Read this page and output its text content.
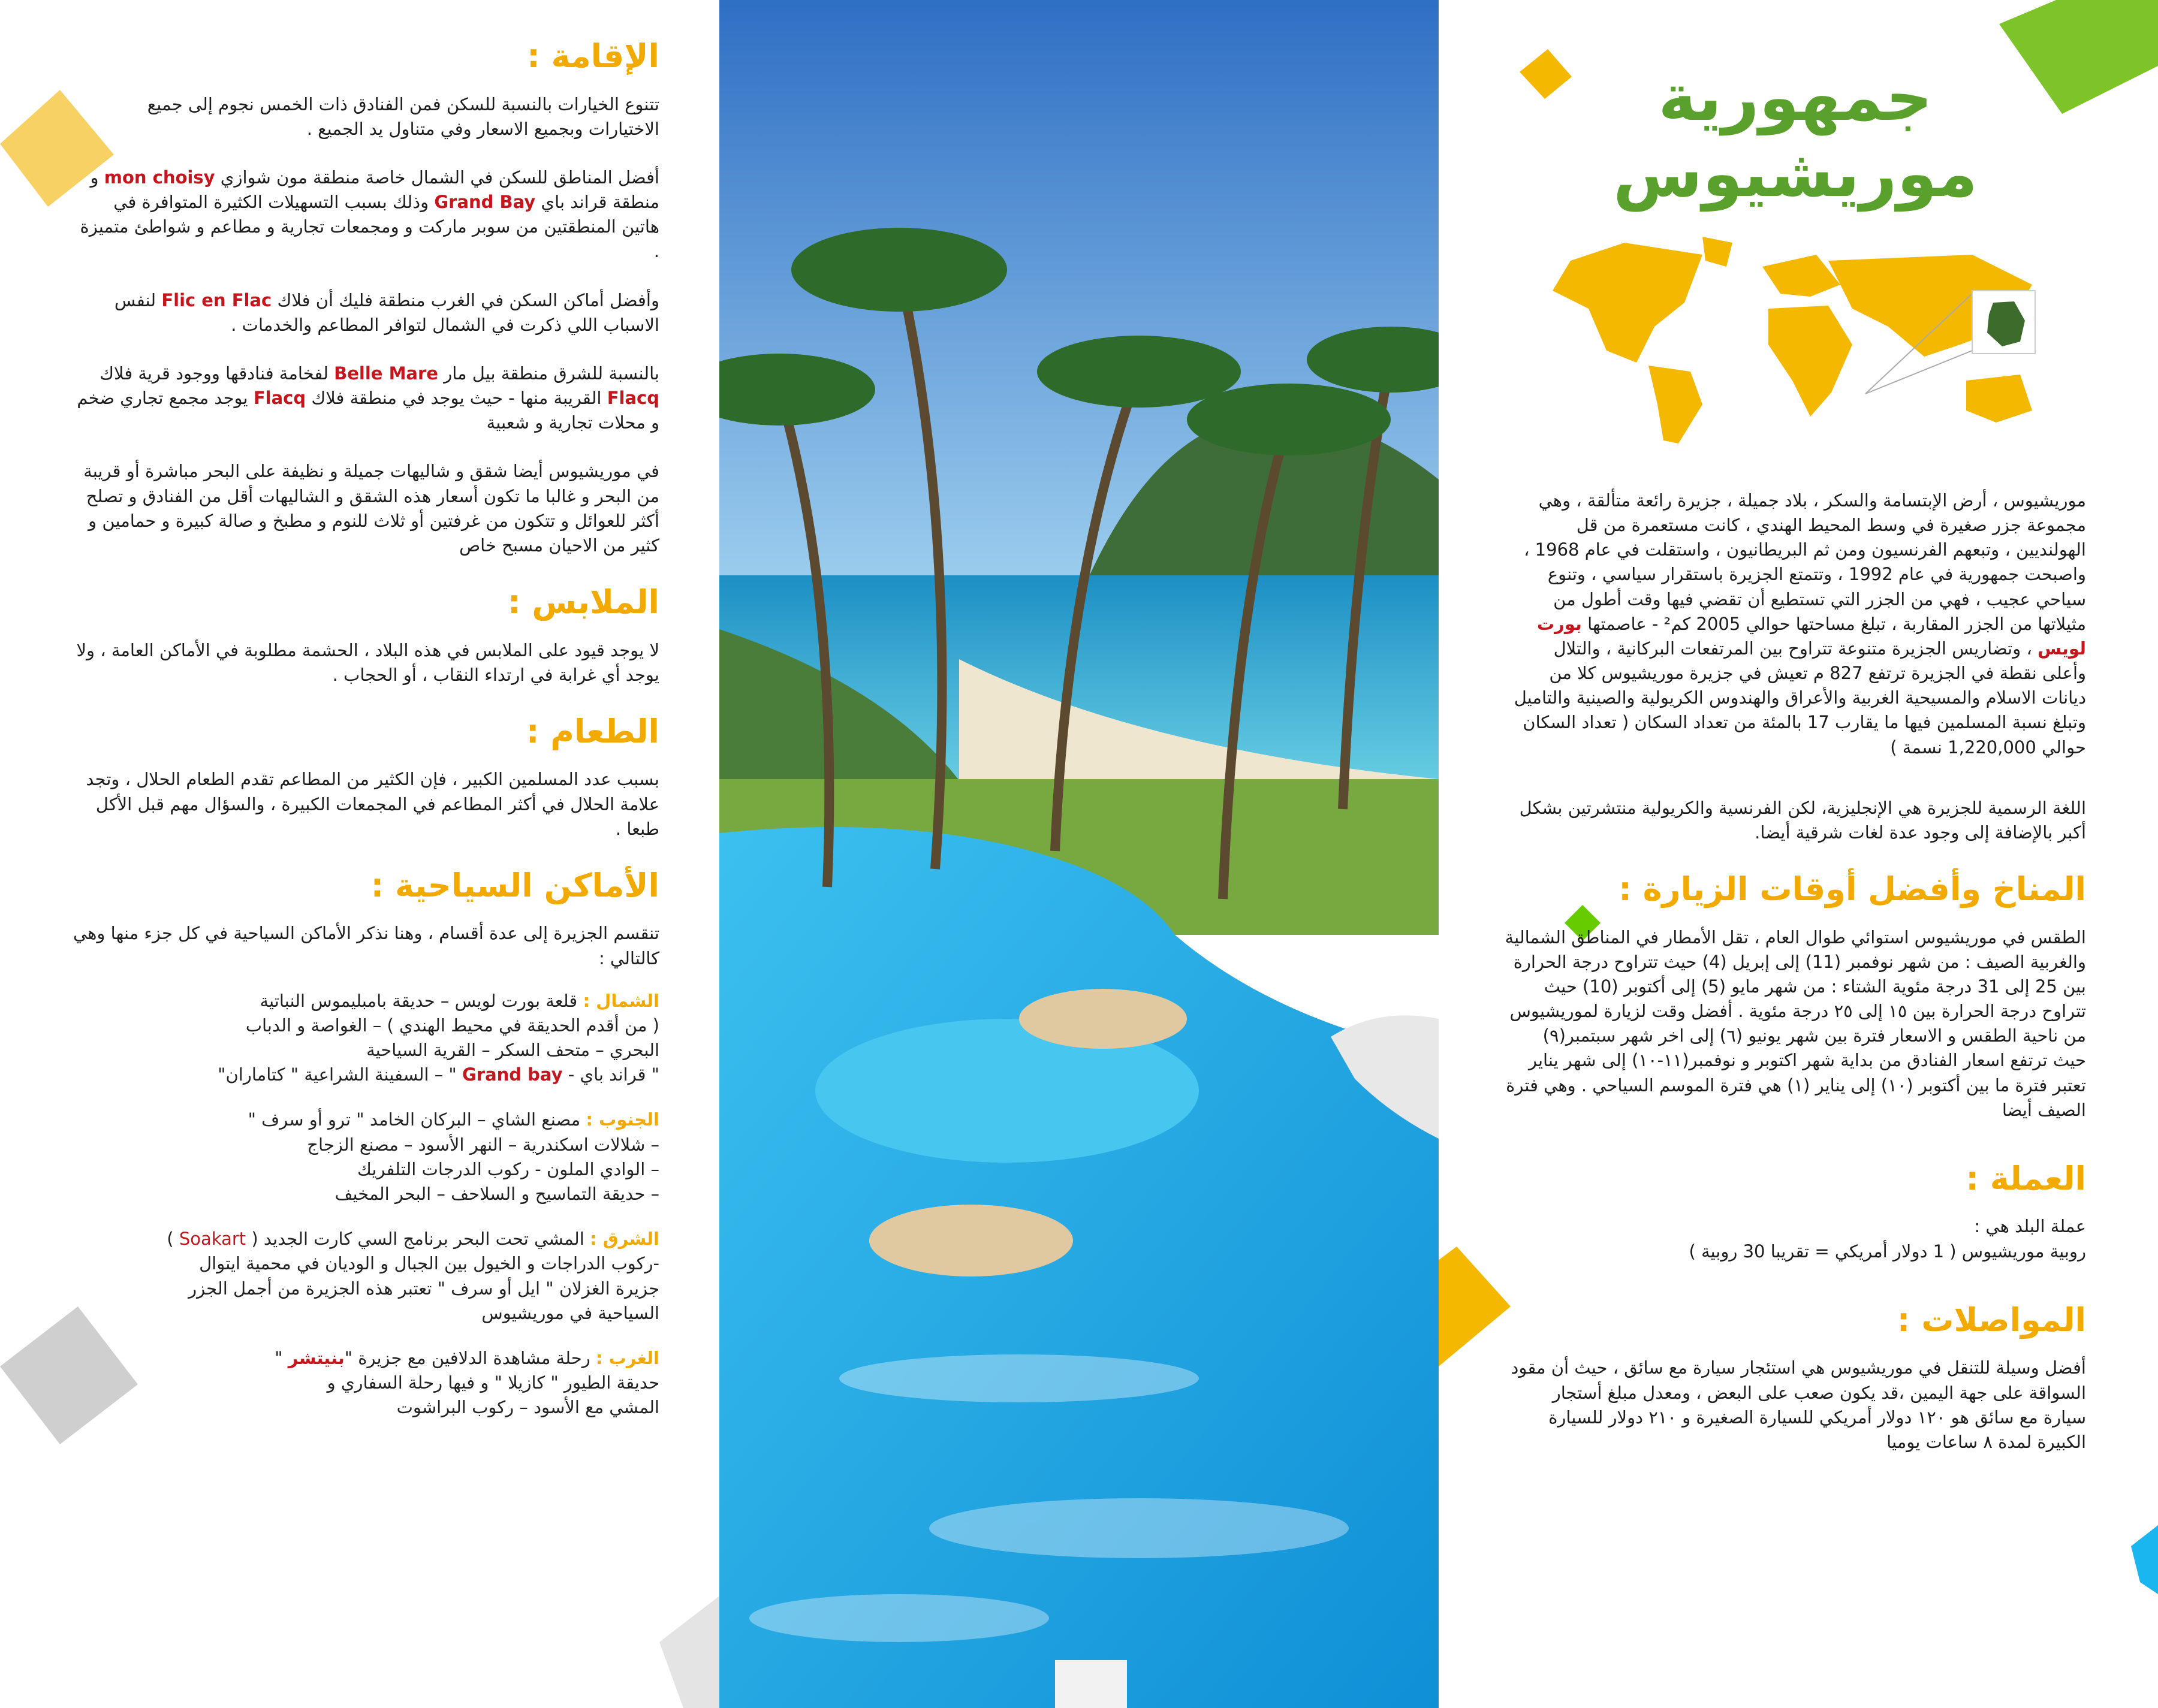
جمهورية
موريشيوس

موريشيوس ، أرض الإبتسامة والسكر ، بلاد جميلة ، جزيرة رائعة متألقة ، وهي مجموعة جزر صغيرة في وسط المحيط الهندي ، كانت مستعمرة من قل الهولنديين ، وتبعهم الفرنسيون ومن ثم البريطانيون ، واستقلت في عام 1968 ، واصبحت جمهورية في عام 1992 ، وتتمتع الجزيرة باستقرار سياسي ، وتنوع سياحي عجيب ، فهي من الجزر التي تستطيع أن تقضي فيها وقت أطول من مثيلاتها من الجزر المقاربة ، تبلغ مساحتها حوالي 2005 كم² - عاصمتها بورت لويس ، وتضاريس الجزيرة متنوعة تتراوح بين المرتفعات البركانية ، والتلال وأعلى نقطة في الجزيرة ترتفع 827 م تعيش في جزيرة موريشيوس كلا من ديانات الاسلام والمسيحية الغربية والأعراق والهندوس الكريولية والصينية والتاميل وتبلغ نسبة المسلمين فيها ما يقارب 17 بالمئة من تعداد السكان ( تعداد السكان حوالي 1,220,000 نسمة )

اللغة الرسمية للجزيرة هي الإنجليزية، لكن الفرنسية والكريولية منتشرتين بشكل أكبر بالإضافة إلى وجود عدة لغات شرقية أيضا.

المناخ وأفضل أوقات الزيارة :

الطقس في موريشيوس استوائي طوال العام ، تقل الأمطار في المناطق الشمالية والغربية الصيف : من شهر نوفمبر (11) إلى إبريل (4) حيث تتراوح درجة الحرارة بين 25 إلى 31 درجة مئوية الشتاء : من شهر مايو (5) إلى أكتوبر (10) حيث تتراوح درجة الحرارة بين ١٥ إلى ٢٥ درجة مئوية . أفضل وقت لزيارة لموريشيوس من ناحية الطقس و الاسعار فترة بين شهر يونيو (٦) إلى اخر شهر سبتمبر(٩) حيث ترتفع اسعار الفنادق من بداية شهر اكتوبر و نوفمبر(١١-١٠) إلى شهر يناير تعتبر فترة ما بين أكتوبر (١٠) إلى يناير (١) هي فترة الموسم السياحي . وهي فترة الصيف أيضا

العملة :
عملة البلد هي :
روبية موريشيوس ( 1 دولار أمريكي = تقريبا 30 روبية )
المواصلات :

أفضل وسيلة للتنقل في موريشيوس هي استئجار سيارة مع سائق ، حيث أن مقود السواقة على جهة اليمين ،قد يكون صعب على البعض ، ومعدل مبلغ أستجار سيارة مع سائق هو ١٢٠ دولار أمريكي للسيارة الصغيرة و ٢١٠ دولار للسيارة الكبيرة لمدة ٨ ساعات يوميا

الإقامة :

تتنوع الخيارات بالنسبة للسكن فمن الفنادق ذات الخمس نجوم إلى جميع الاختيارات وبجميع الاسعار وفي متناول يد الجميع .

أفضل المناطق للسكن في الشمال خاصة منطقة مون شوازي mon choisy و منطقة قراند باي Grand Bay وذلك بسبب التسهيلات الكثيرة المتوافرة في هاتين المنطقتين من سوبر ماركت و ومجمعات تجارية و مطاعم و شواطئ متميزة .

وأفضل أماكن السكن في الغرب منطقة فليك أن فلاك Flic en Flac لنفس الاسباب اللي ذكرت في الشمال لتوافر المطاعم والخدمات .

بالنسبة للشرق منطقة بيل مار Belle Mare لفخامة فنادقها ووجود قرية فلاك Flacq القريبة منها - حيث يوجد في منطقة فلاك Flacq يوجد مجمع تجاري ضخم و محلات تجارية و شعبية

في موريشيوس أيضا شقق و شاليهات جميلة و نظيفة على البحر مباشرة أو قريبة من البحر و غالبا ما تكون أسعار هذه الشقق و الشاليهات أقل من الفنادق و تصلح أكثر للعوائل و تتكون من غرفتين أو ثلاث للنوم و مطبخ و صالة كبيرة و حمامين و كثير من الاحيان مسبح خاص

الملابس :

لا يوجد قيود على الملابس في هذه البلاد ، الحشمة مطلوبة في الأماكن العامة ، ولا يوجد أي غرابة في ارتداء النقاب ، أو الحجاب .

الطعام :

بسبب عدد المسلمين الكبير ، فإن الكثير من المطاعم تقدم الطعام الحلال ، وتجد علامة الحلال في أكثر المطاعم في المجمعات الكبيرة ، والسؤال مهم قبل الأكل طبعا .

الأماكن السياحية :

تنقسم الجزيرة إلى عدة أقسام ، وهنا نذكر الأماكن السياحية في كل جزء منها وهي كالتالي :

الشمال : قلعة بورت لويس – حديقة بامبليموس النباتية
( من أقدم الحديقة في محيط الهندي ) – الغواصة و الدباب
البحري – متحف السكر – القرية السياحية
" قراند باي - Grand bay " – السفينة الشراعية " كتاماران"
الجنوب : مصنع الشاي – البركان الخامد " ترو أو سرف "
– شلالات اسكندرية – النهر الأسود – مصنع الزجاج
– الوادي الملون - ركوب الدرجات التلفريك
– حديقة التماسيح و السلاحف – البحر المخيف
الشرق : المشي تحت البحر برنامج السي كارت الجديد ( Soakart )
-ركوب الدراجات و الخيول بين الجبال و الوديان في محمية ايتوال
جزيرة الغزلان " ايل أو سرف " تعتبر هذه الجزيرة من أجمل الجزر
السياحية في موريشيوس
الغرب : رحلة مشاهدة الدلافين مع جزيرة "بنيتشر "
حديقة الطيور " كازيلا " و فيها رحلة السفاري و
المشي مع الأسود – ركوب البراشوت
